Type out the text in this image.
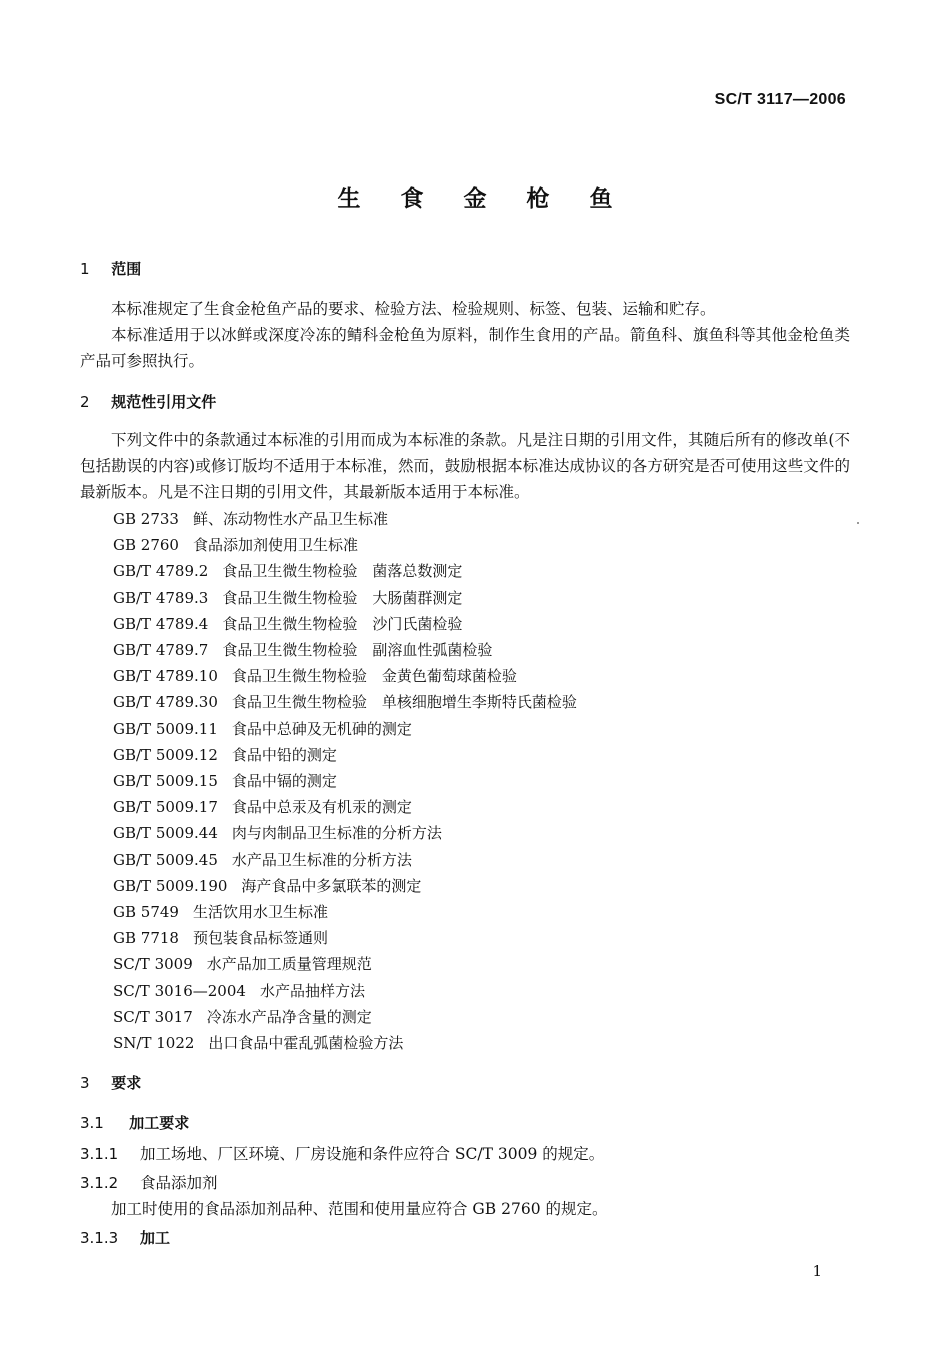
SC/T 3117—2006
生 食 金 枪 鱼
1 范围
本标准规定了生食金枪鱼产品的要求、检验方法、检验规则、标签、包装、运输和贮存。
本标准适用于以冰鲜或深度冷冻的鲭科金枪鱼为原料，制作生食用的产品。箭鱼科、旗鱼科等其他金枪鱼类产品可参照执行。
2 规范性引用文件
下列文件中的条款通过本标准的引用而成为本标准的条款。凡是注日期的引用文件，其随后所有的修改单(不包括勘误的内容)或修订版均不适用于本标准，然而，鼓励根据本标准达成协议的各方研究是否可使用这些文件的最新版本。凡是不注日期的引用文件，其最新版本适用于本标准。
GB 2733 鲜、冻动物性水产品卫生标准
GB 2760 食品添加剂使用卫生标准
GB/T 4789.2 食品卫生微生物检验　菌落总数测定
GB/T 4789.3 食品卫生微生物检验　大肠菌群测定
GB/T 4789.4 食品卫生微生物检验　沙门氏菌检验
GB/T 4789.7 食品卫生微生物检验　副溶血性弧菌检验
GB/T 4789.10 食品卫生微生物检验　金黄色葡萄球菌检验
GB/T 4789.30 食品卫生微生物检验　单核细胞增生李斯特氏菌检验
GB/T 5009.11 食品中总砷及无机砷的测定
GB/T 5009.12 食品中铅的测定
GB/T 5009.15 食品中镉的测定
GB/T 5009.17 食品中总汞及有机汞的测定
GB/T 5009.44 肉与肉制品卫生标准的分析方法
GB/T 5009.45 水产品卫生标准的分析方法
GB/T 5009.190 海产食品中多氯联苯的测定
GB 5749 生活饮用水卫生标准
GB 7718 预包装食品标签通则
SC/T 3009 水产品加工质量管理规范
SC/T 3016—2004 水产品抽样方法
SC/T 3017 冷冻水产品净含量的测定
SN/T 1022 出口食品中霍乱弧菌检验方法
3 要求
3.1 加工要求
3.1.1 加工场地、厂区环境、厂房设施和条件应符合 SC/T 3009 的规定。
3.1.2 食品添加剂
加工时使用的食品添加剂品种、范围和使用量应符合 GB 2760 的规定。
3.1.3 加工
1
